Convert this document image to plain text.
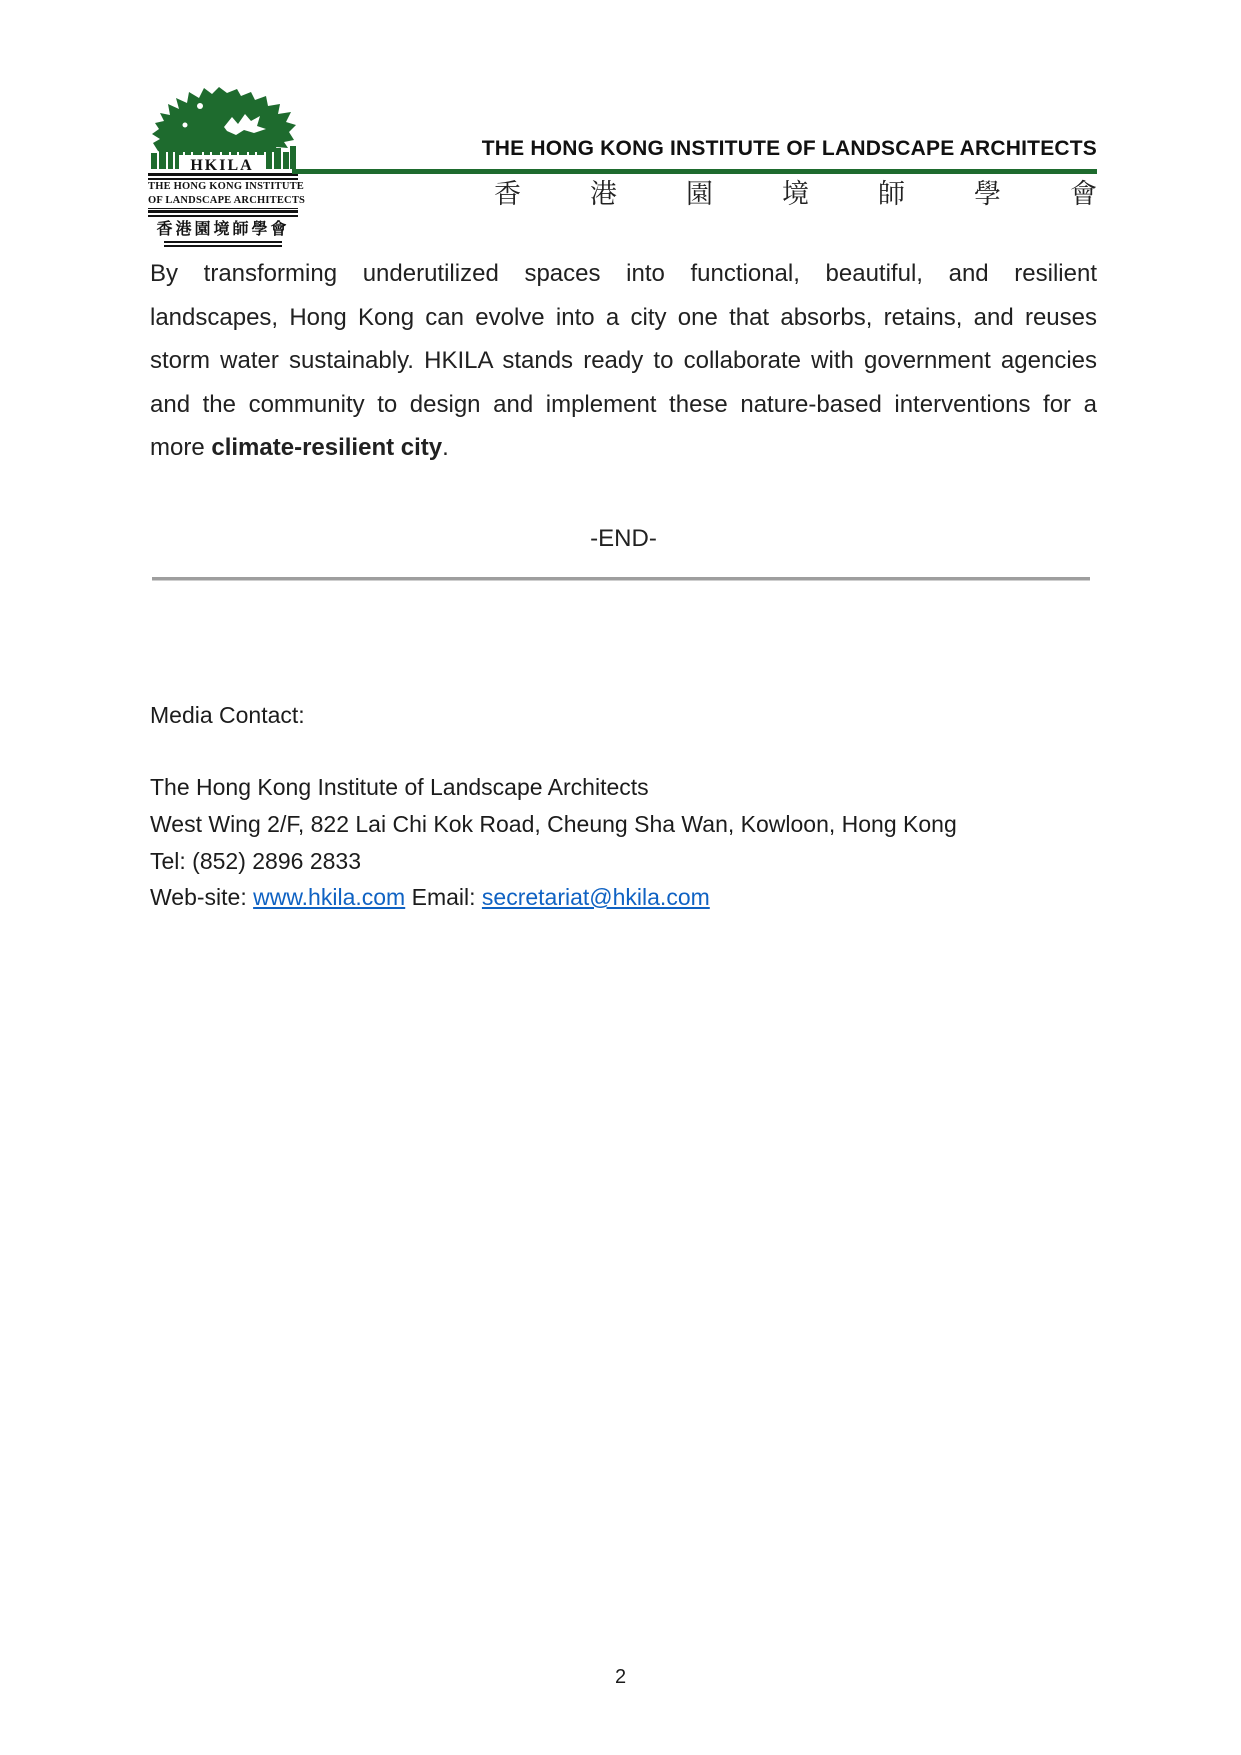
HKILA
THE HONG KONG INSTITUTE
OF LANDSCAPE ARCHITECTS
香港園境師學會
THE HONG KONG INSTITUTE OF LANDSCAPE ARCHITECTS
香	港	園	境	師	學	會
By transforming underutilized spaces into functional, beautiful, and resilient
landscapes, Hong Kong can evolve into a city one that absorbs, retains, and reuses
storm water sustainably. HKILA stands ready to collaborate with government agencies
and the community to design and implement these nature-based interventions for a
more climate-resilient city.
-END-
Media Contact:
The Hong Kong Institute of Landscape Architects
West Wing 2/F, 822 Lai Chi Kok Road, Cheung Sha Wan, Kowloon, Hong Kong
Tel: (852) 2896 2833
Web-site: www.hkila.com Email: secretariat@hkila.com
2
